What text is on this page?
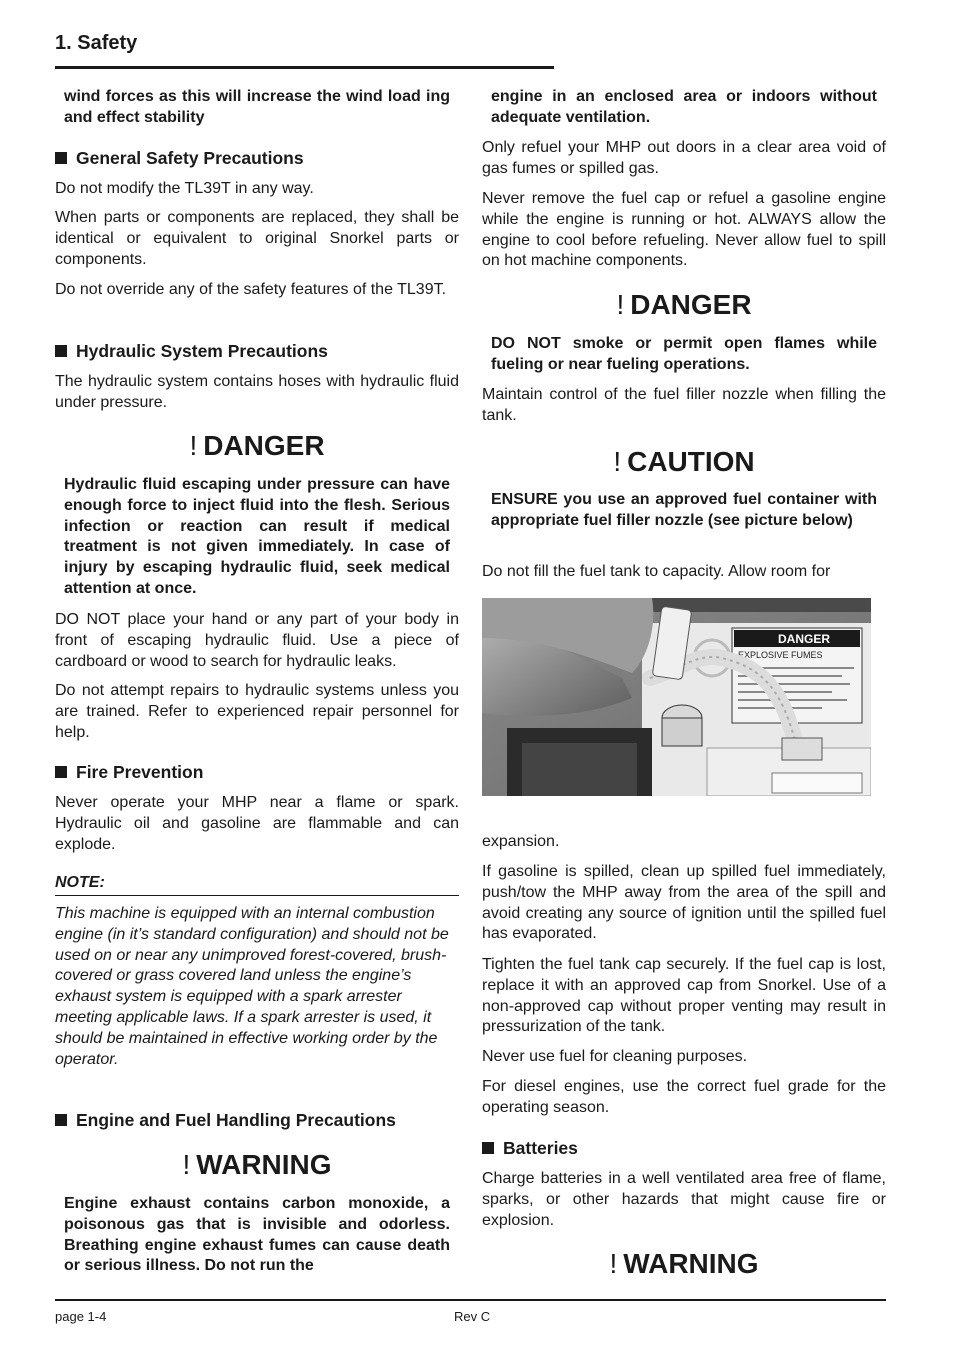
1. Safety

wind forces as this will increase the wind load ing and effect stability

General Safety Precautions

Do not modify the TL39T in any way.

When parts or components are replaced, they shall be identical or equivalent to original Snorkel parts or components.

Do not override any of the safety features of the TL39T.

Hydraulic System Precautions

The hydraulic system contains hoses with hydraulic fluid under pressure.

! DANGER

Hydraulic fluid escaping under pressure can have enough force to inject fluid into the flesh. Serious infection or reaction can result if medical treatment is not given immediately. In case of injury by escaping hydraulic fluid, seek medical attention at once.

DO NOT place your hand or any part of your body in front of escaping hydraulic fluid. Use a piece of cardboard or wood to search for hydraulic leaks.

Do not attempt repairs to hydraulic systems unless you are trained. Refer to experienced repair personnel for help.

Fire Prevention

Never operate your MHP near a flame or spark. Hydraulic oil and gasoline are flammable and can explode.

NOTE:

This machine is equipped with an internal combustion engine (in it’s standard configuration) and should not be used on or near any unimproved forest-covered, brush-covered or grass covered land unless the engine’s exhaust system is equipped with a spark arrester meeting applicable laws. If a spark arrester is used, it should be maintained in effective working order by the operator.

Engine and Fuel Handling Precautions
! WARNING

Engine exhaust contains carbon monoxide, a poisonous gas that is invisible and odorless. Breathing engine exhaust fumes can cause death or serious illness. Do not run the

engine in an enclosed area or indoors without adequate ventilation.

Only refuel your MHP out doors in a clear area void of gas fumes or spilled gas.

Never remove the fuel cap or refuel a gasoline engine while the engine is running or hot. ALWAYS allow the engine to cool before refueling. Never allow fuel to spill on hot machine components.

! DANGER

DO NOT smoke or permit open flames while fueling or near fueling operations.

Maintain control of the fuel filler nozzle when filling the tank.

! CAUTION

ENSURE you use an approved fuel container with appropriate fuel filler nozzle (see picture below)

Do not fill the fuel tank to capacity. Allow room for

DANGER
EXPLOSIVE FUMES

expansion.

If gasoline is spilled, clean up spilled fuel immediately, push/tow the MHP away from the area of the spill and avoid creating any source of ignition until the spilled fuel has evaporated.

Tighten the fuel tank cap securely. If the fuel cap is lost, replace it with an approved cap from Snorkel. Use of a non-approved cap without proper venting may result in pressurization of the tank.

Never use fuel for cleaning purposes.

For diesel engines, use the correct fuel grade for the operating season.

Batteries

Charge batteries in a well ventilated area free of flame, sparks, or other hazards that might cause fire or explosion.

! WARNING
page 1-4	Rev C
